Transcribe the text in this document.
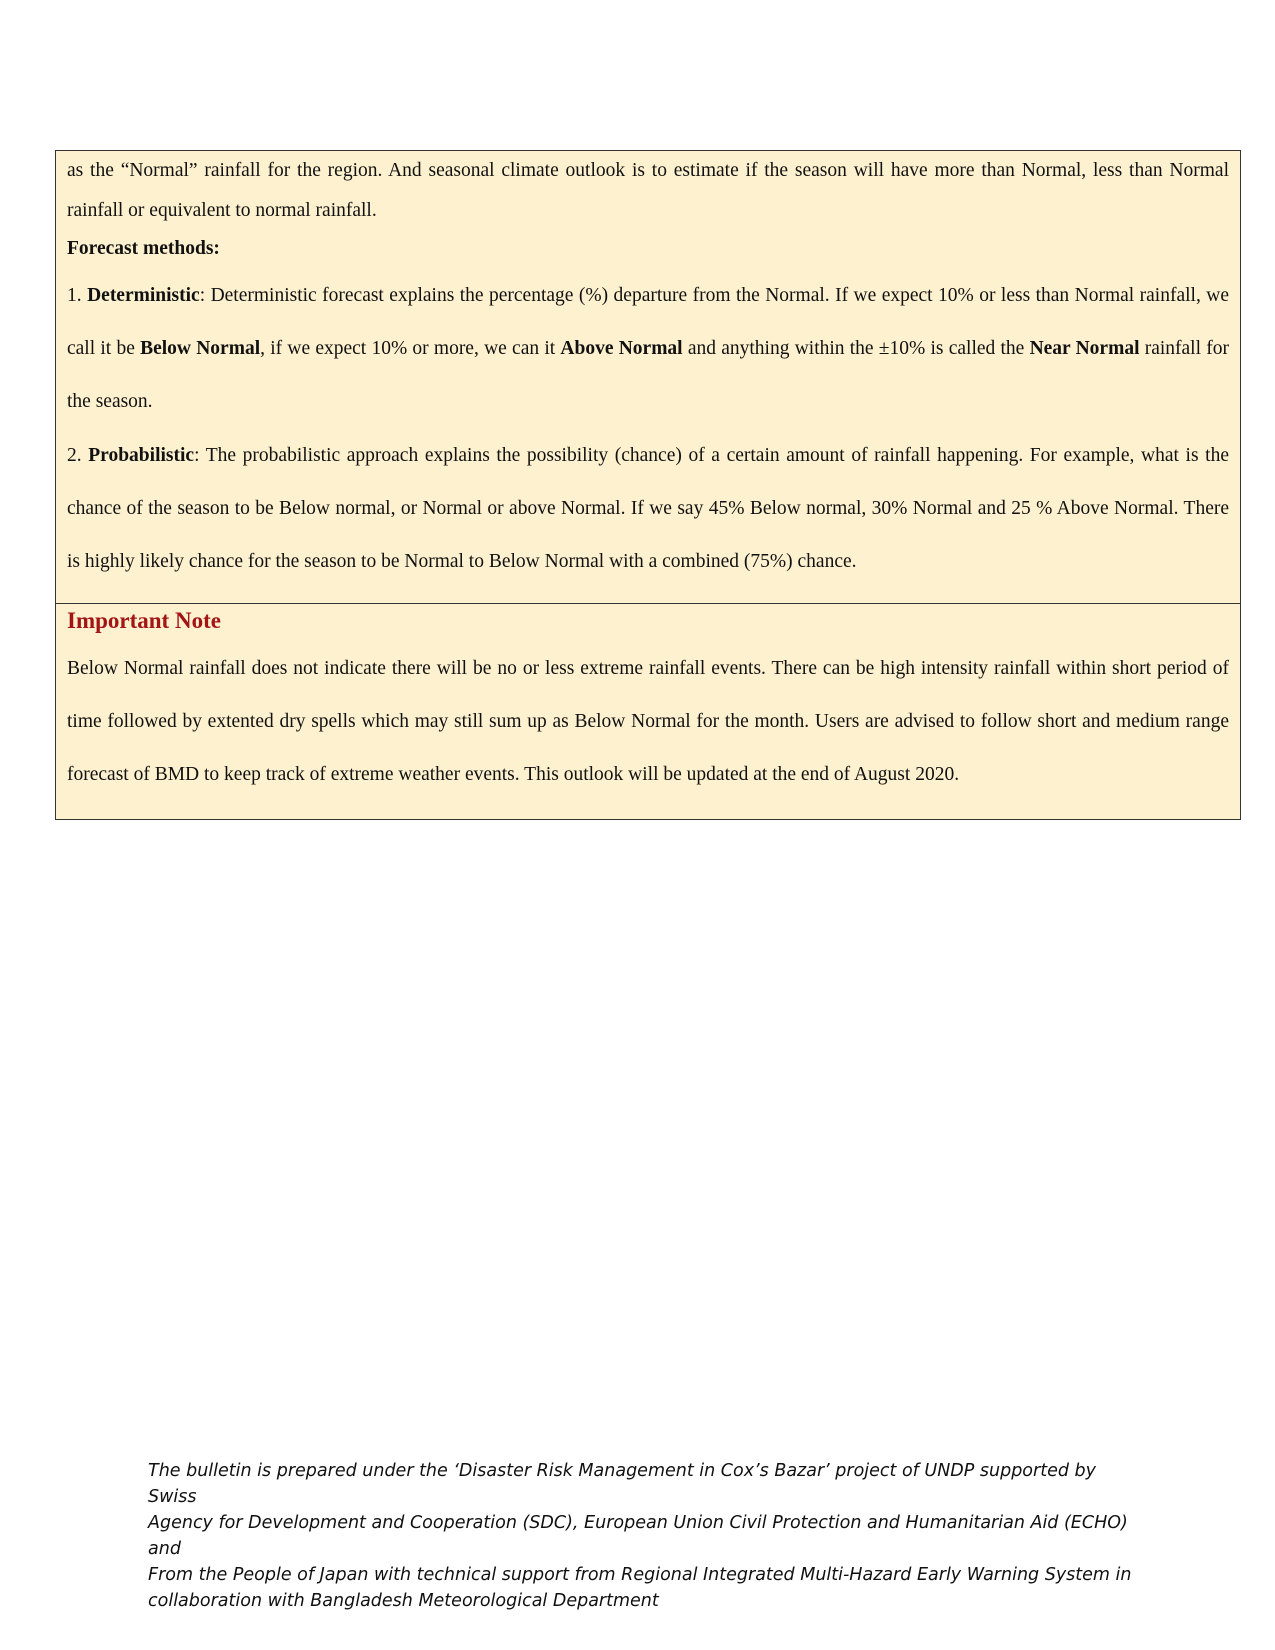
as the “Normal” rainfall for the region. And seasonal climate outlook is to estimate if the season will have more than Normal, less than Normal rainfall or equivalent to normal rainfall.

Forecast methods:

1. Deterministic: Deterministic forecast explains the percentage (%) departure from the Normal. If we expect 10% or less than Normal rainfall, we call it be Below Normal, if we expect 10% or more, we can it Above Normal and anything within the ±10% is called the Near Normal rainfall for the season.

2. Probabilistic: The probabilistic approach explains the possibility (chance) of a certain amount of rainfall happening. For example, what is the chance of the season to be Below normal, or Normal or above Normal. If we say 45% Below normal, 30% Normal and 25 % Above Normal. There is highly likely chance for the season to be Normal to Below Normal with a combined (75%) chance.

Important Note

Below Normal rainfall does not indicate there will be no or less extreme rainfall events. There can be high intensity rainfall within short period of time followed by extented dry spells which may still sum up as Below Normal for the month. Users are advised to follow short and medium range forecast of BMD to keep track of extreme weather events. This outlook will be updated at the end of August 2020.

The bulletin is prepared under the ‘Disaster Risk Management in Cox’s Bazar’ project of UNDP supported by Swiss
Agency for Development and Cooperation (SDC), European Union Civil Protection and Humanitarian Aid (ECHO) and
From the People of Japan with technical support from Regional Integrated Multi-Hazard Early Warning System in
collaboration with Bangladesh Meteorological Department
